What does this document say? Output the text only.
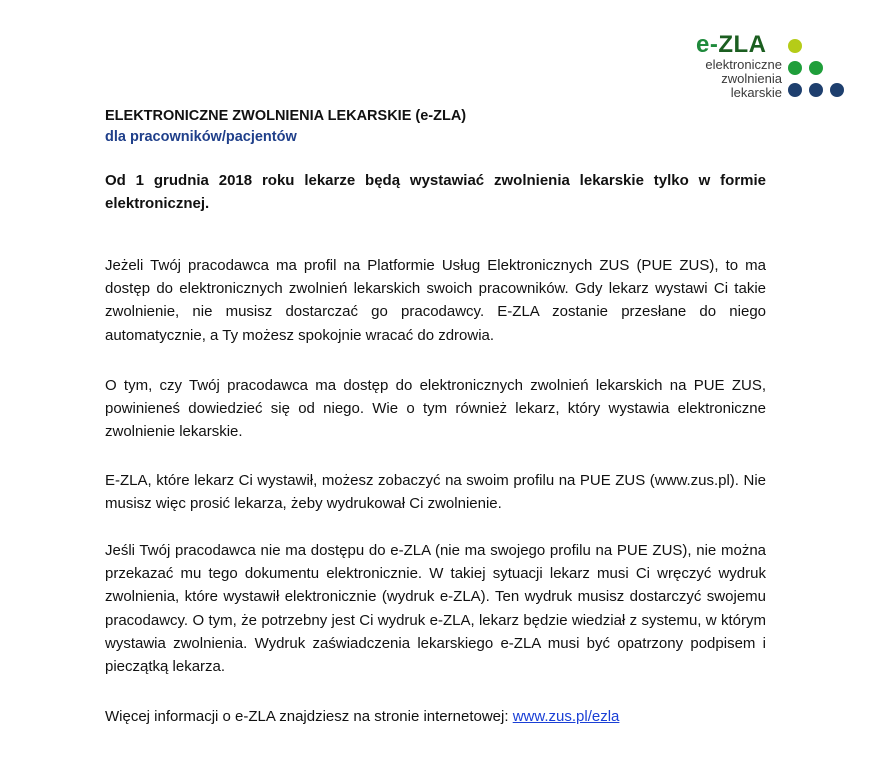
e-ZLA
elektroniczne
zwolnienia
lekarskie
ELEKTRONICZNE ZWOLNIENIA LEKARSKIE (e-ZLA)
dla pracowników/pacjentów
Od 1 grudnia 2018 roku lekarze będą wystawiać zwolnienia lekarskie tylko w formie elektronicznej.
Jeżeli Twój pracodawca ma profil na Platformie Usług Elektronicznych ZUS (PUE ZUS), to ma dostęp do elektronicznych zwolnień lekarskich swoich pracowników. Gdy lekarz wystawi Ci takie zwolnienie, nie musisz dostarczać go pracodawcy. E-ZLA zostanie przesłane do niego automatycznie, a Ty możesz spokojnie wracać do zdrowia.
O tym, czy Twój pracodawca ma dostęp do elektronicznych zwolnień lekarskich na PUE ZUS, powinieneś dowiedzieć się od niego. Wie o tym również lekarz, który wystawia elektroniczne zwolnienie lekarskie.
E-ZLA, które lekarz Ci wystawił, możesz zobaczyć na swoim profilu na PUE ZUS (www.zus.pl). Nie musisz więc prosić lekarza, żeby wydrukował Ci zwolnienie.
Jeśli Twój pracodawca nie ma dostępu do e-ZLA (nie ma swojego profilu na PUE ZUS), nie można przekazać mu tego dokumentu elektronicznie. W takiej sytuacji lekarz musi Ci wręczyć wydruk zwolnienia, które wystawił elektronicznie (wydruk e-ZLA). Ten wydruk musisz dostarczyć swojemu pracodawcy. O tym, że potrzebny jest Ci wydruk e-ZLA, lekarz będzie wiedział z systemu, w którym wystawia zwolnienia. Wydruk zaświadczenia lekarskiego e-ZLA musi być opatrzony podpisem i pieczątką lekarza.
Więcej informacji o e-ZLA znajdziesz na stronie internetowej: www.zus.pl/ezla
